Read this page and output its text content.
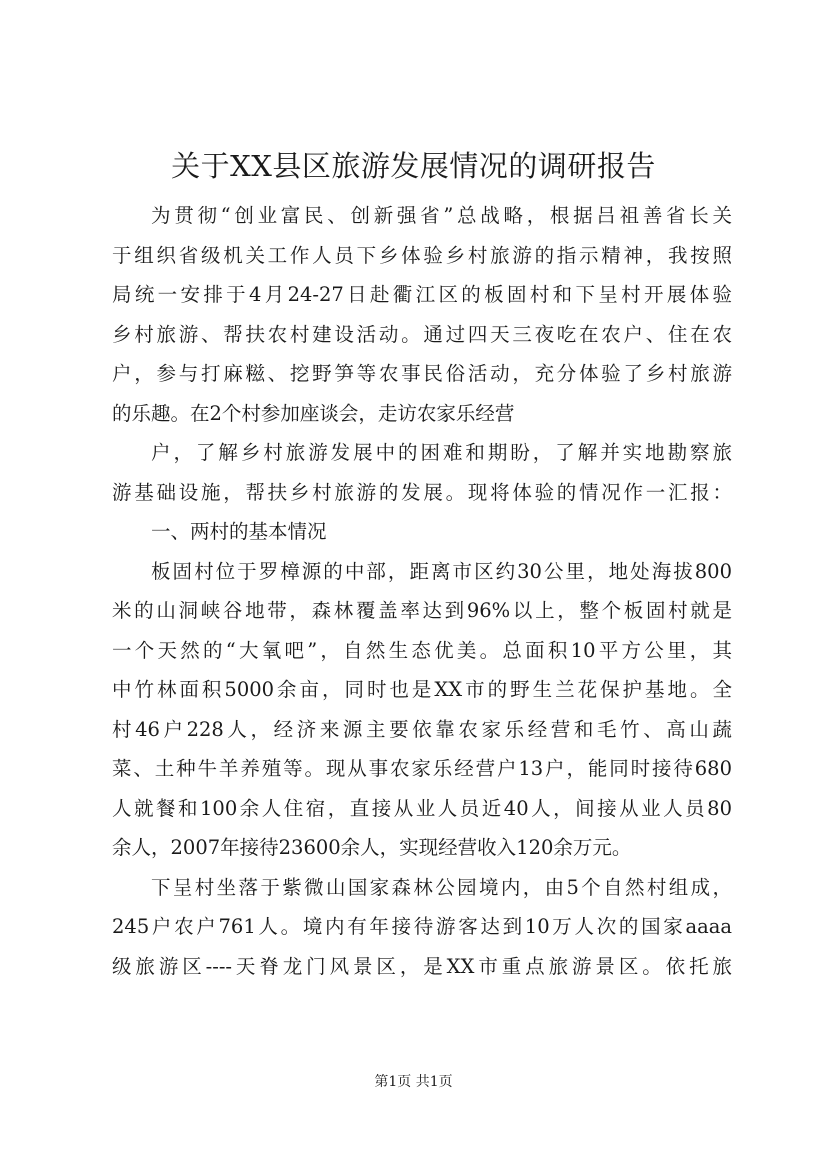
关于XX县区旅游发展情况的调研报告
为贯彻“创业富民、创新强省”总战略，根据吕祖善省长关
于组织省级机关工作人员下乡体验乡村旅游的指示精神，我按照
局统一安排于4月24-27日赴衢江区的板固村和下呈村开展体验
乡村旅游、帮扶农村建设活动。通过四天三夜吃在农户、住在农
户，参与打麻糍、挖野笋等农事民俗活动，充分体验了乡村旅游
的乐趣。在2个村参加座谈会，走访农家乐经营
户，了解乡村旅游发展中的困难和期盼，了解并实地勘察旅
游基础设施，帮扶乡村旅游的发展。现将体验的情况作一汇报：
一、两村的基本情况
板固村位于罗樟源的中部，距离市区约30公里，地处海拔800
米的山洞峡谷地带，森林覆盖率达到96%以上，整个板固村就是
一个天然的“大氧吧”，自然生态优美。总面积10平方公里，其
中竹林面积5000余亩，同时也是XX市的野生兰花保护基地。全
村46户228人，经济来源主要依靠农家乐经营和毛竹、高山蔬
菜、土种牛羊养殖等。现从事农家乐经营户13户，能同时接待680
人就餐和100余人住宿，直接从业人员近40人，间接从业人员80
余人，2007年接待23600余人，实现经营收入120余万元。
下呈村坐落于紫微山国家森林公园境内，由5个自然村组成，
245户农户761人。境内有年接待游客达到10万人次的国家aaaa
级旅游区----天脊龙门风景区，是XX市重点旅游景区。依托旅
第1页 共1页
